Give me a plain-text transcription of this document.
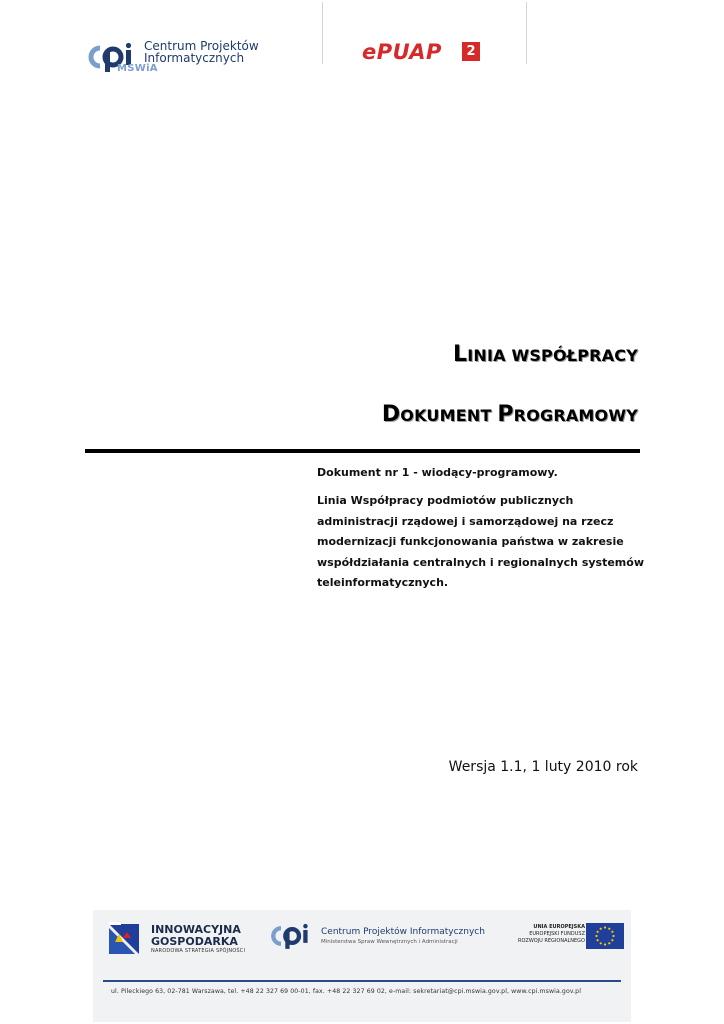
Centrum Projektów
Informatycznych
MSWiA
ePUAP	2
LINIA WSPÓŁPRACY
DOKUMENT PROGRAMOWY
Dokument nr 1 - wiodący-programowy.
Linia Współpracy podmiotów publicznych administracji rządowej i samorządowej na rzecz modernizacji funkcjonowania państwa w zakresie współdziałania centralnych i regionalnych systemów teleinformatycznych.
Wersja 1.1, 1 luty 2010 rok
INNOWACYJNA
GOSPODARKA
NARODOWA STRATEGIA SPÓJNOŚCI
Centrum Projektów Informatycznych
Ministerstwa Spraw Wewnętrznych i Administracji
UNIA EUROPEJSKA
EUROPEJSKI FUNDUSZ
ROZWOJU REGIONALNEGO
ul. Pileckiego 63, 02-781 Warszawa, tel. +48 22 327 69 00-01, fax. +48 22 327 69 02, e-mail: sekretariat@cpi.mswia.gov.pl, www.cpi.mswia.gov.pl
